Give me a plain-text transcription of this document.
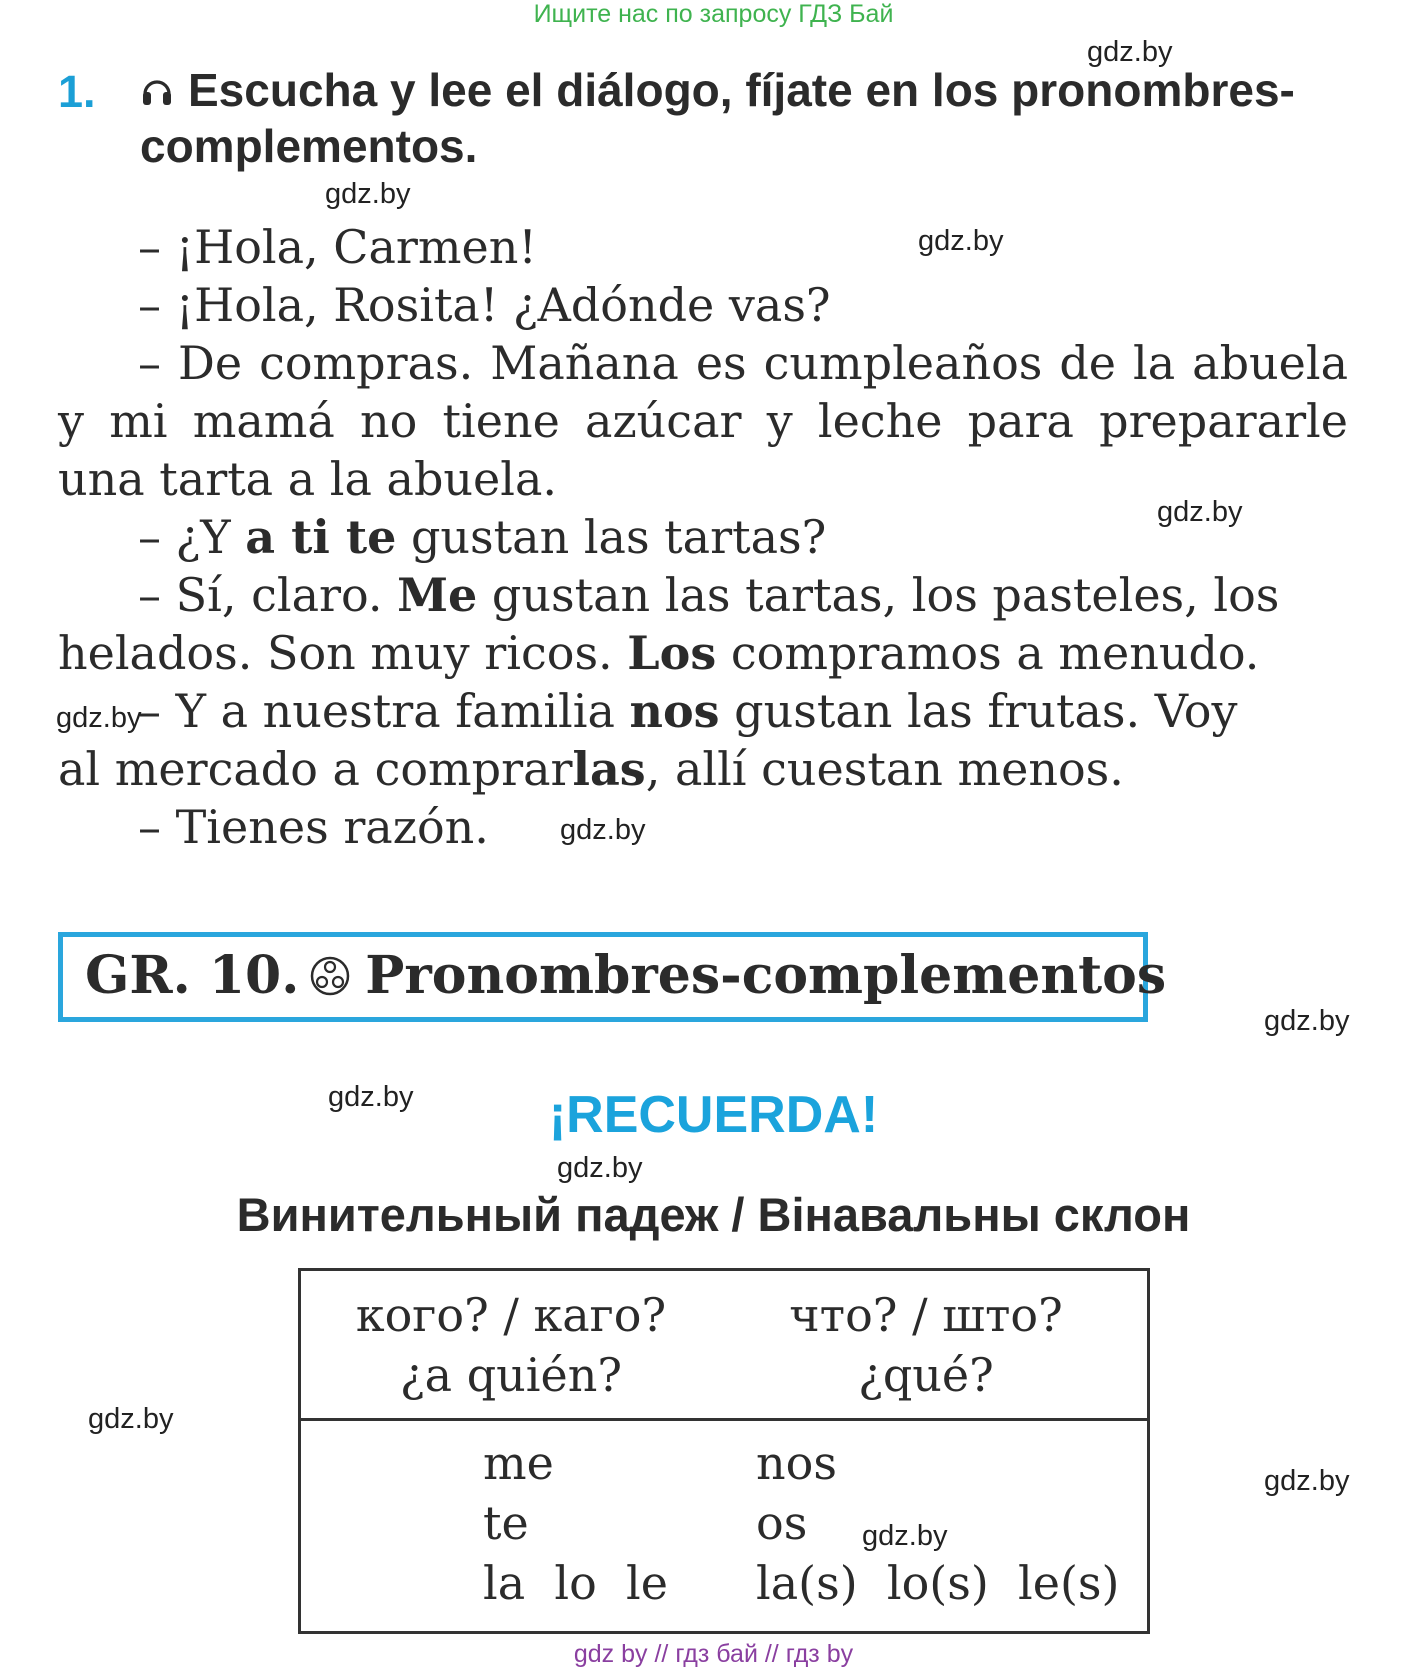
Ищите нас по запросу ГДЗ Бай
1.	Escucha y lee el diálogo, fíjate en los pronombres-
complementos.
– ¡Hola, Carmen!
– ¡Hola, Rosita! ¿Adónde vas?
– De compras. Mañana es cumpleaños de la abuela
y mi mamá no tiene azúcar y leche para prepararle
una tarta a la abuela.
– ¿Y a ti te gustan las tartas?
– Sí, claro. Me gustan las tartas, los pasteles, los
helados. Son muy ricos. Los compramos a menudo.
– Y a nuestra familia nos gustan las frutas. Voy
al mercado a comprarlas, allí cuestan menos.
– Tienes razón.
GR. 10. Pronombres-complementos
¡RECUERDA!
Винительный падеж / Вінавальны склон
кого? / каго?
¿a quién?
что? / што?
¿qué?
me
te
la  lo  le
nos
os
la(s)  lo(s)  le(s)
gdz.by
gdz.by
gdz.by
gdz.by
gdz.by
gdz.by
gdz.by
gdz.by
gdz.by
gdz.by
gdz.by
gdz.by
gdz by // гдз бай // гдз by
